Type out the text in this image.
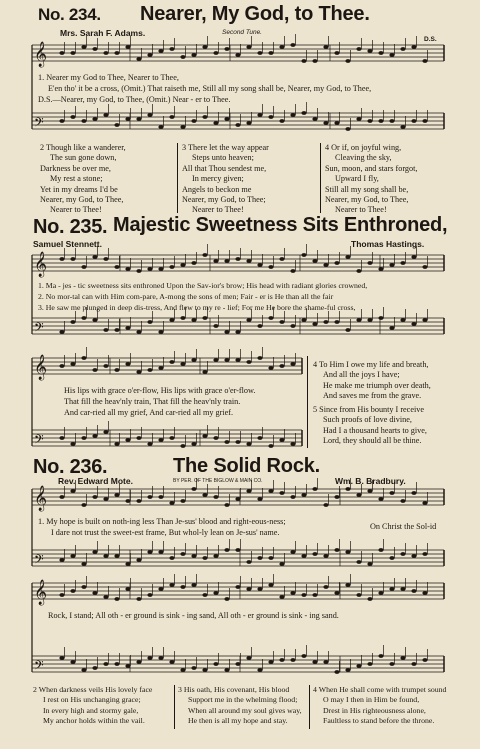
No. 234. Nearer, My God, to Thee.
Mrs. Sarah F. Adams.	Second Tune.
D.S.
𝄞
𝄢
𝄞
𝄢
𝄞
𝄢
𝄞
𝄢
𝄞
𝄢
1. Nearer my God to Thee, Nearer to Thee,
E'en tho' it be a cross, (Omit.) That raiseth me, Still all my song shall be, Nearer, my God, to Thee,
D.S.—Nearer, my God, to Thee, (Omit.) Near - er to Thee.
2 Though like a wanderer,
The sun gone down,
Darkness be over me,
My rest a stone;
Yet in my dreams I'd be
Nearer, my God, to Thee,
Nearer to Thee!
3 There let the way appear
Steps unto heaven;
All that Thou sendest me,
In mercy given;
Angels to beckon me
Nearer, my God, to Thee;
Nearer to Thee!
4 Or if, on joyful wing,
Cleaving the sky,
Sun, moon, and stars forgot,
Upward I fly,
Still all my song shall be,
Nearer, my God, to Thee,
Nearer to Thee!
No. 235. Majestic Sweetness Sits Enthroned,
Samuel Stennett.	Thomas Hastings.
1. Ma - jes - tic sweetness sits enthroned Upon the Sav-ior's brow; His head with radiant glories crowned,
2. No mor-tal can with Him com-pare, A-mong the sons of men; Fair - er is He than all the fair
3. He saw me plunged in deep dis-tress, And flew to my re - lief; For me He bore the shame-ful cross,
His lips with grace o'er-flow, His lips with grace o'er-flow.
That fill the heav'nly train, That fill the heav'nly train.
And car-ried all my grief, And car-ried all my grief.
4 To Him I owe my life and breath,
And all the joys I have;
He make me triumph over death,
And saves me from the grave.
5 Since from His bounty I receive
Such proofs of love divine,
Had I a thousand hearts to give,
Lord, they should all be thine.
No. 236.	The Solid Rock.
Rev. Edward Mote.	BY PER. OF THE BIGLOW & MAIN CO.	Wm. B. Bradbury.
1. My hope is built on noth-ing less Than Je-sus' blood and right-eous-ness;
I dare not trust the sweet-est frame, But whol-ly lean on Je-sus' name.
On Christ the Sol-id
Rock, I stand; All oth - er ground is sink - ing sand, All oth - er ground is sink - ing sand.
2 When darkness veils His lovely face
I rest on His unchanging grace;
In every high and stormy gale,
My anchor holds within the vail.
3 His oath, His covenant, His blood
Support me in the whelming flood;
When all around my soul gives way,
He then is all my hope and stay.
4 When He shall come with trumpet sound
O may I then in Him be found,
Drest in His righteousness alone,
Faultless to stand before the throne.
